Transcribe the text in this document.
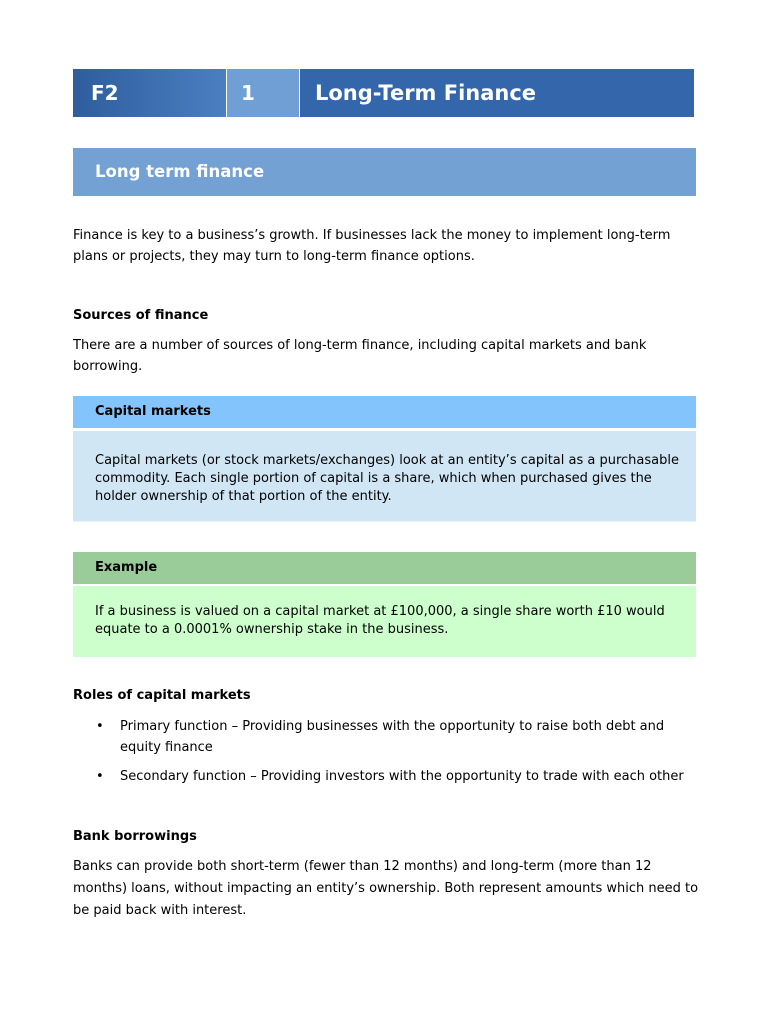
F2	1	Long-Term Finance
Long term finance
Finance is key to a business’s growth. If businesses lack the money to implement long-term plans or projects, they may turn to long-term finance options.
Sources of finance
There are a number of sources of long-term finance, including capital markets and bank borrowing.
Capital markets

Capital markets (or stock markets/exchanges) look at an entity’s capital as a purchasable commodity. Each single portion of capital is a share, which when purchased gives the holder ownership of that portion of the entity.

Example

If a business is valued on a capital market at £100,000, a single share worth £10 would equate to a 0.0001% ownership stake in the business.

Roles of capital markets
• Primary function – Providing businesses with the opportunity to raise both debt and equity finance
• Secondary function – Providing investors with the opportunity to trade with each other
Bank borrowings
Banks can provide both short-term (fewer than 12 months) and long-term (more than 12 months) loans, without impacting an entity’s ownership. Both represent amounts which need to be paid back with interest.
